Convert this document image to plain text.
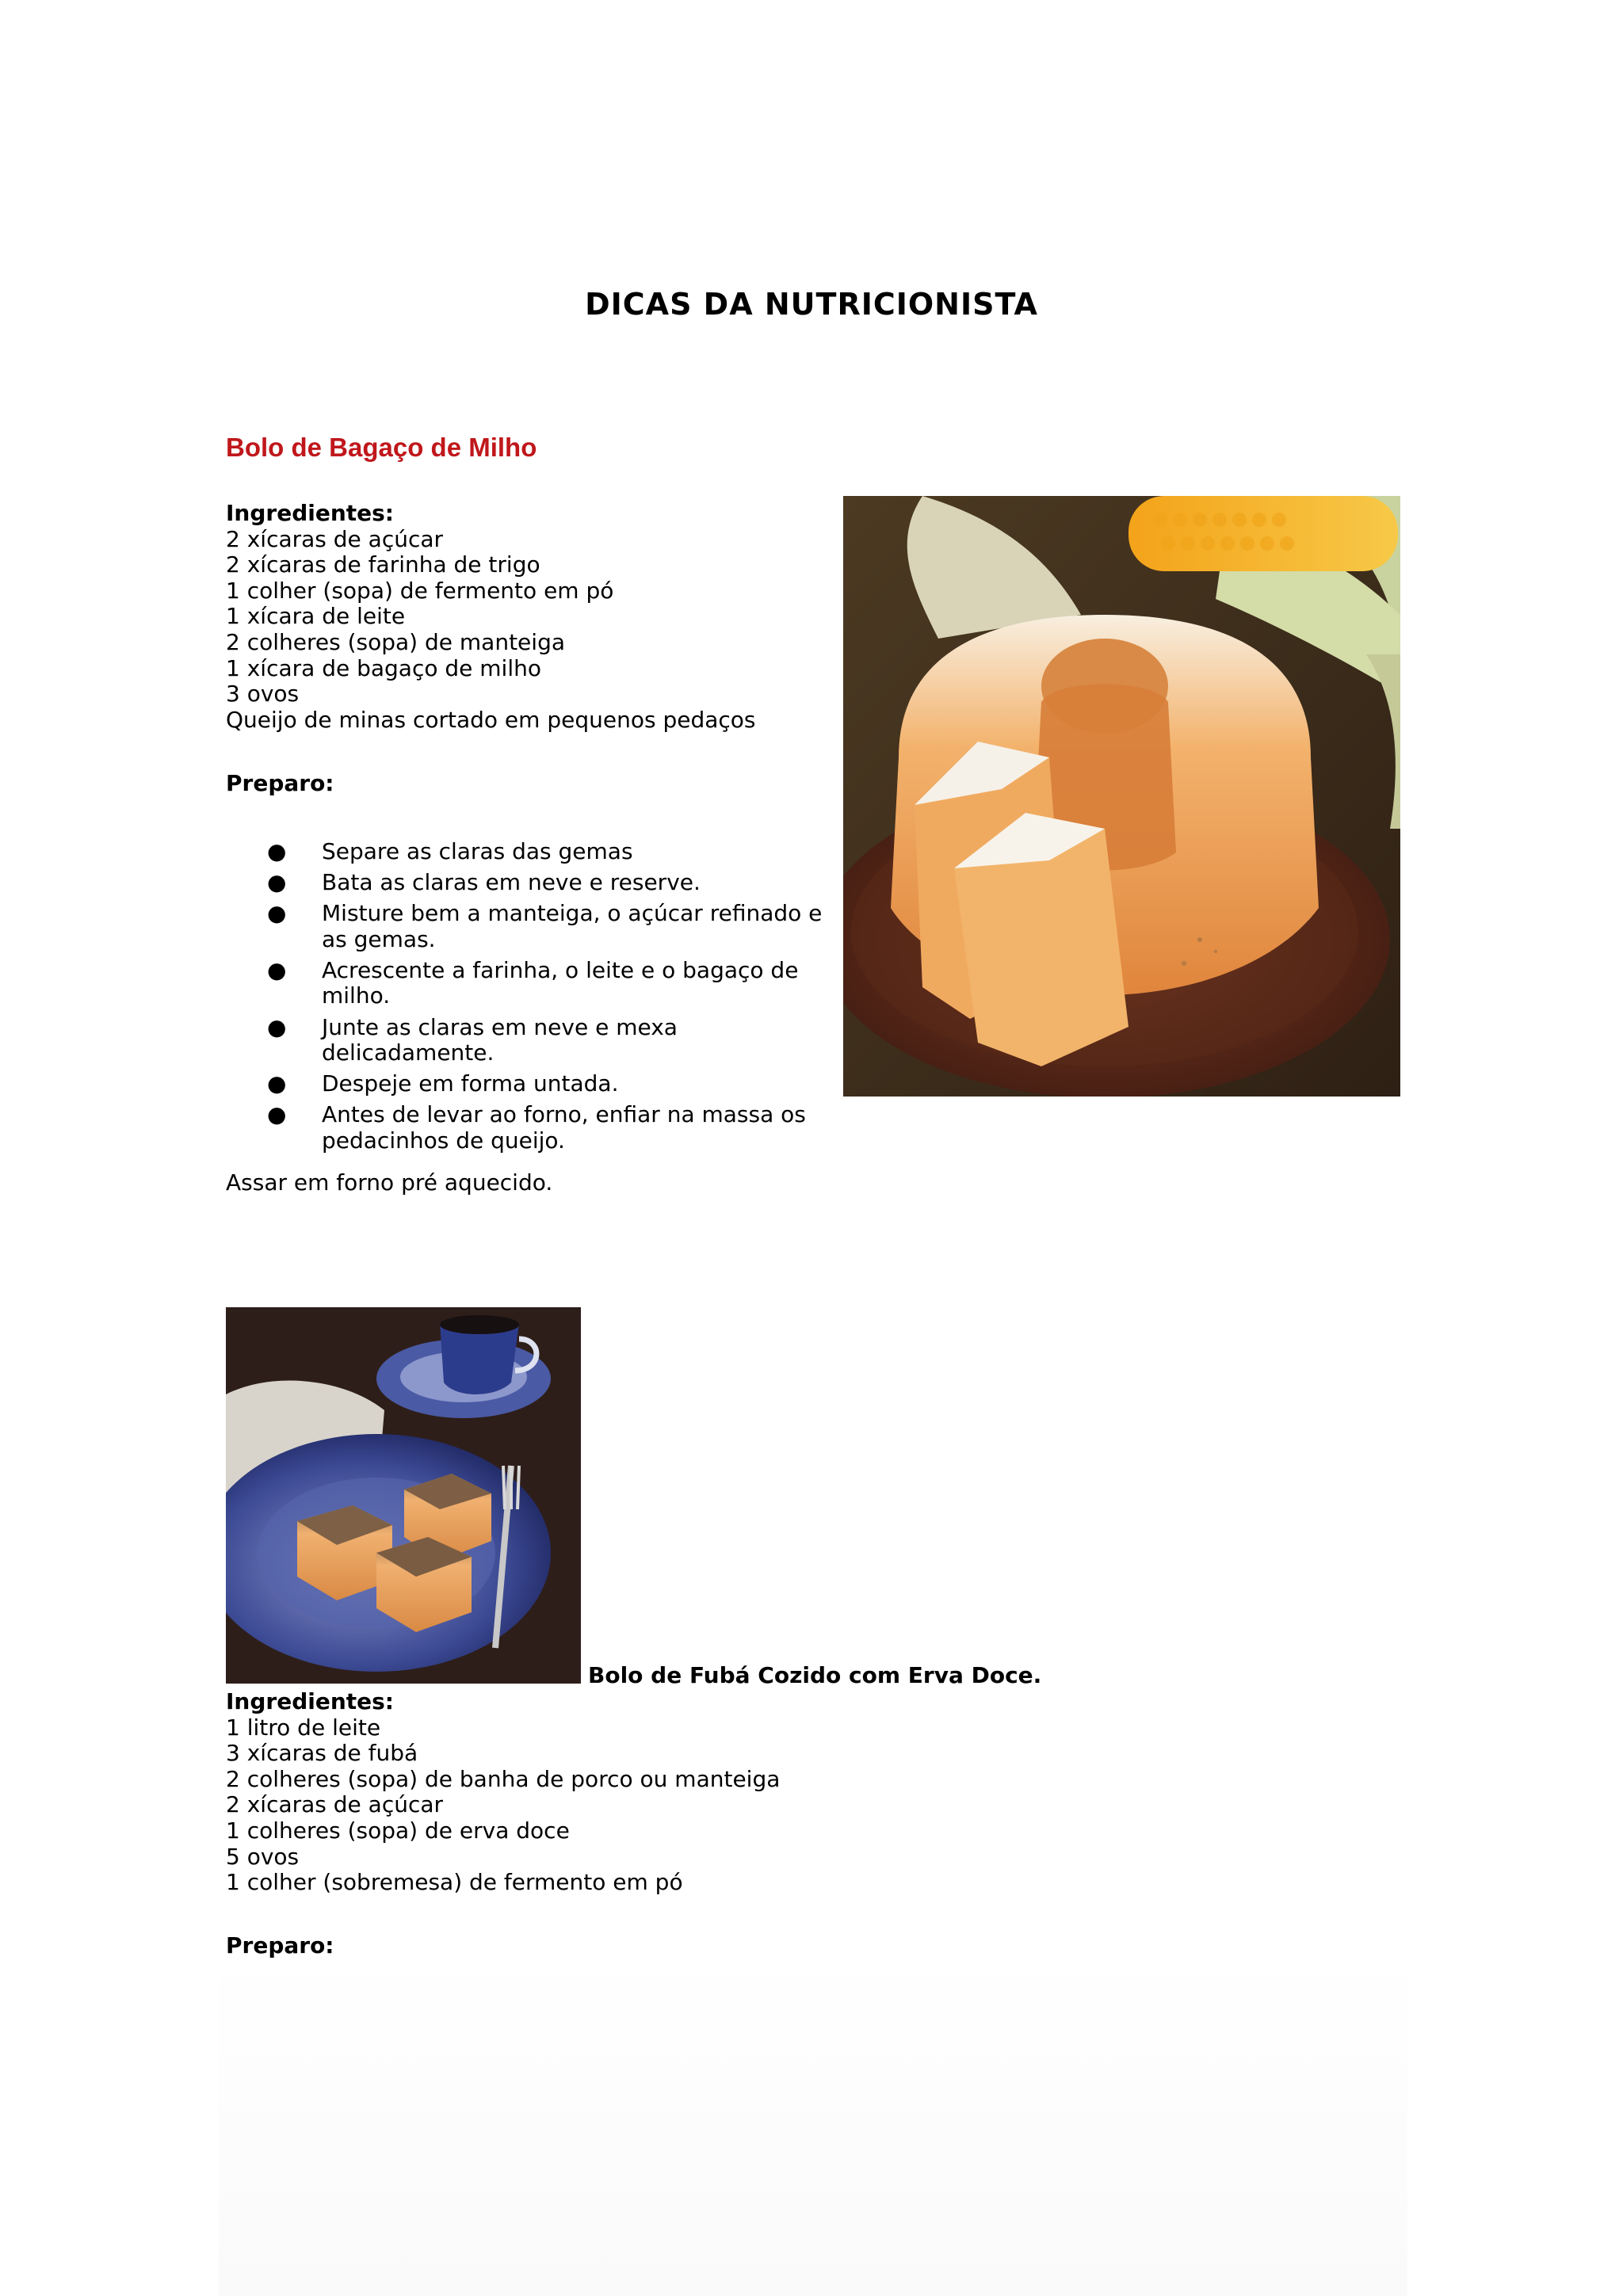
DICAS DA NUTRICIONISTA
Bolo de Bagaço de Milho
Ingredientes:
2 xícaras de açúcar
2 xícaras de farinha de trigo
1 colher (sopa) de fermento em pó
1 xícara de leite
2 colheres (sopa) de manteiga
1 xícara de bagaço de milho
3 ovos
Queijo de minas cortado em pequenos pedaços
Preparo:
● Separe as claras das gemas
● Bata as claras em neve e reserve.
● Misture bem a manteiga, o açúcar refinado e as gemas.
● Acrescente a farinha, o leite e o bagaço de milho.
● Junte as claras em neve e mexa delicadamente.
● Despeje em forma untada.
● Antes de levar ao forno, enfiar na massa os pedacinhos de queijo.
Assar em forno pré aquecido.
Bolo de Fubá Cozido com Erva Doce.
Ingredientes:
1 litro de leite
3 xícaras de fubá
2 colheres (sopa) de banha de porco ou manteiga
2 xícaras de açúcar
1 colheres (sopa) de erva doce
5 ovos
1 colher (sobremesa) de fermento em pó
Preparo:
